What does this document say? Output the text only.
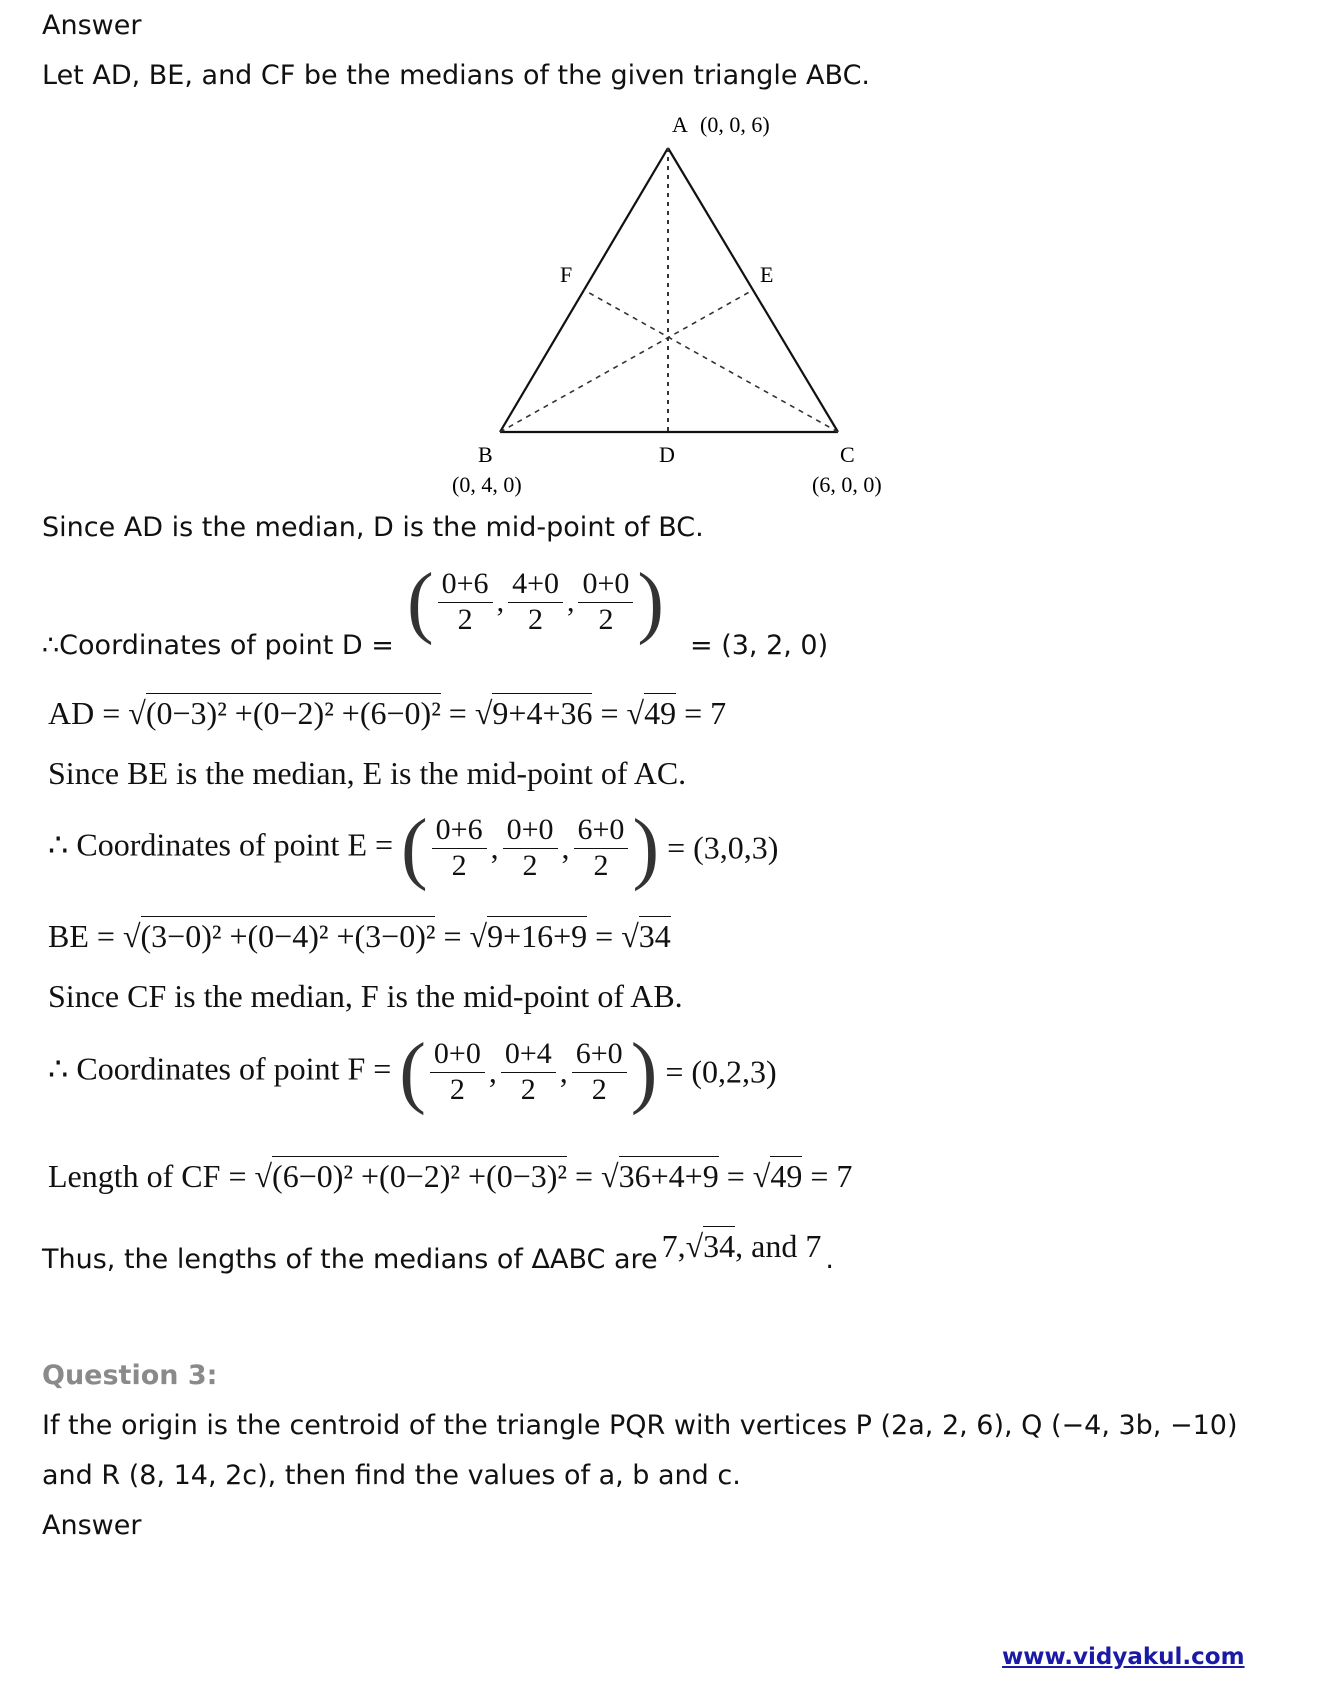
Answer
Let AD, BE, and CF be the medians of the given triangle ABC.
A (0, 0, 6)
F	E
B
(0, 4, 0)
D	C
(6, 0, 0)
Since AD is the median, D is the mid-point of BC.
∴Coordinates of point D = ( $\frac{0+6}{2}$ , $\frac{4+0}{2}$ , $\frac{0+0}{2}$ ) = (3, 2, 0)
AD = √(0−3)² +(0−2)² +(6−0)² = √9+4+36 = √49 = 7
Since BE is the median, E is the mid-point of AC.
∴ Coordinates of point E = ( $\frac{0+6}{2}$ , $\frac{0+0}{2}$ , $\frac{6+0}{2}$ ) = (3,0,3)
BE = √(3−0)² +(0−4)² +(3−0)² = √9+16+9 = √34
Since CF is the median, F is the mid-point of AB.
∴ Coordinates of point F = ( $\frac{0+0}{2}$ , $\frac{0+4}{2}$ , $\frac{6+0}{2}$ ) = (0,2,3)
Length of CF = √(6−0)² +(0−2)² +(0−3)² = √36+4+9 = √49 = 7
Thus, the lengths of the medians of ΔABC are 7,√34, and 7 .
Question 3:
If the origin is the centroid of the triangle PQR with vertices P (2a, 2, 6), Q (−4, 3b, −10)
and R (8, 14, 2c), then find the values of a, b and c.
Answer
www.vidyakul.com
